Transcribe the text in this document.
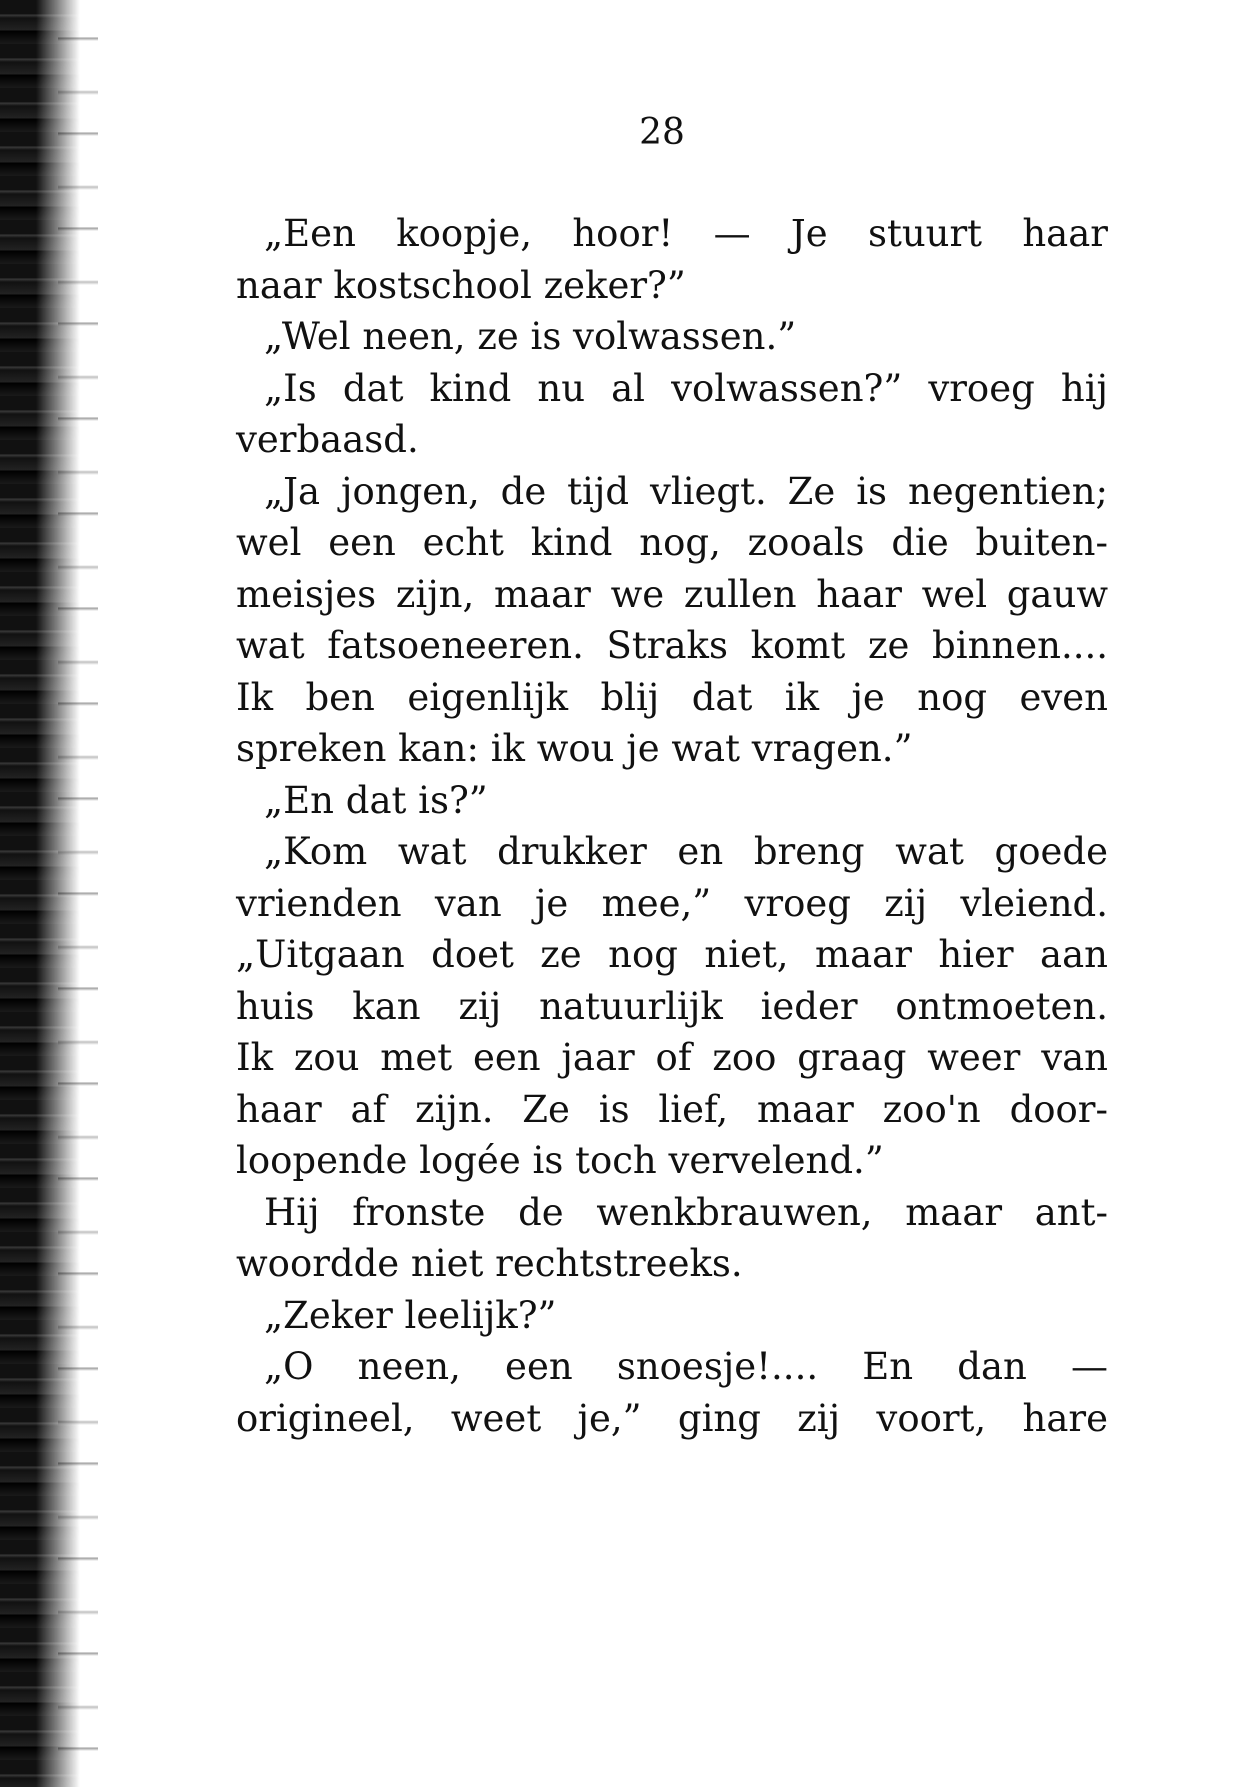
28
„Een koopje, hoor! — Je stuurt haar
naar kostschool zeker?”
„Wel neen, ze is volwassen.”
„Is dat kind nu al volwassen?” vroeg hij
verbaasd.
„Ja jongen, de tijd vliegt. Ze is negentien;
wel een echt kind nog, zooals die buiten-
meisjes zijn, maar we zullen haar wel gauw
wat fatsoeneeren. Straks komt ze binnen....
Ik ben eigenlijk blij dat ik je nog even
spreken kan: ik wou je wat vragen.”
„En dat is?”
„Kom wat drukker en breng wat goede
vrienden van je mee,” vroeg zij vleiend.
„Uitgaan doet ze nog niet, maar hier aan
huis kan zij natuurlijk ieder ontmoeten.
Ik zou met een jaar of zoo graag weer van
haar af zijn. Ze is lief, maar zoo'n door-
loopende logée is toch vervelend.”
Hij fronste de wenkbrauwen, maar ant-
woordde niet rechtstreeks.
„Zeker leelijk?”
„O neen, een snoesje!.... En dan —
origineel, weet je,” ging zij voort, hare
